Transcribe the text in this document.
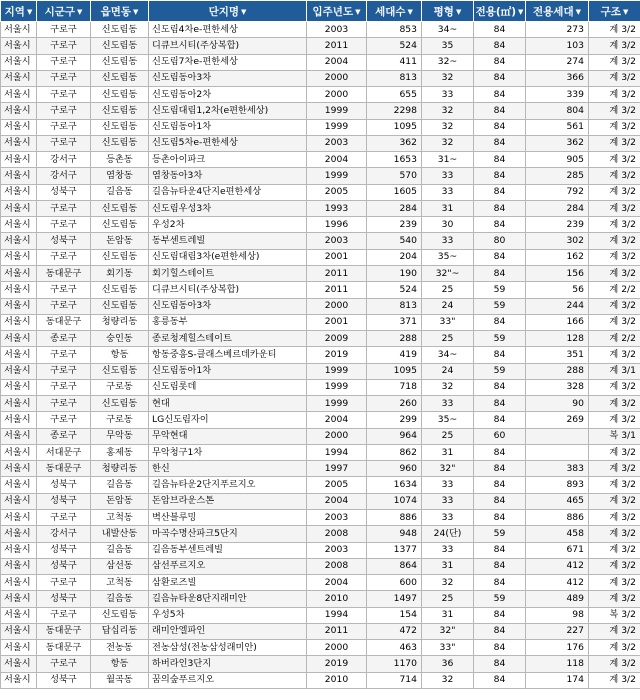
지역 ▼	시군구 ▼	읍면동 ▼	단지명 ▼	입주년도 ▼	세대수 ▼	평형 ▼	전용(㎡) ▼	전용세대 ▼	구조 ▼
서울시	구로구	신도림동	신도림4차e-편한세상	2003	853	34~	84	273	계 3/2
서울시	구로구	신도림동	디큐브시티(주상복합)	2011	524	35	84	103	계 3/2
서울시	구로구	신도림동	신도림7차e-편한세상	2004	411	32~	84	274	계 3/2
서울시	구로구	신도림동	신도림동아3차	2000	813	32	84	366	계 3/2
서울시	구로구	신도림동	신도림동아2차	2000	655	33	84	339	계 3/2
서울시	구로구	신도림동	신도림대림1,2차(e편한세상)	1999	2298	32	84	804	계 3/2
서울시	구로구	신도림동	신도림동아1차	1999	1095	32	84	561	계 3/2
서울시	구로구	신도림동	신도림5차e-편한세상	2003	362	32	84	362	계 3/2
서울시	강서구	등촌동	등촌아이파크	2004	1653	31~	84	905	계 3/2
서울시	강서구	염창동	염창동아3차	1999	570	33	84	285	계 3/2
서울시	성북구	길음동	길음뉴타운4단지e편한세상	2005	1605	33	84	792	계 3/2
서울시	구로구	신도림동	신도림우성3차	1993	284	31	84	284	계 3/2
서울시	구로구	신도림동	우성2차	1996	239	30	84	239	계 3/2
서울시	성북구	돈암동	동부센트레빌	2003	540	33	80	302	계 3/2
서울시	구로구	신도림동	신도림대림3차(e편한세상)	2001	204	35~	84	162	계 3/2
서울시	동대문구	회기동	회기힐스테이트	2011	190	32"~	84	156	계 3/2
서울시	구로구	신도림동	디큐브시티(주상복합)	2011	524	25	59	56	계 2/2
서울시	구로구	신도림동	신도림동아3차	2000	813	24	59	244	계 3/2
서울시	동대문구	청량리동	홍릉동부	2001	371	33"	84	166	계 3/2
서울시	종로구	숭인동	종로청계힐스테이트	2009	288	25	59	128	계 2/2
서울시	구로구	항동	항동중흥S-클래스베르데카운티	2019	419	34~	84	351	계 3/2
서울시	구로구	신도림동	신도림동아1차	1999	1095	24	59	288	계 3/1
서울시	구로구	구로동	신도림롯데	1999	718	32	84	328	계 3/2
서울시	구로구	신도림동	현대	1999	260	33	84	90	계 3/2
서울시	구로구	구로동	LG신도림자이	2004	299	35~	84	269	계 3/2
서울시	종로구	무악동	무악현대	2000	964	25	60		복 3/1
서울시	서대문구	홍제동	무악청구1차	1994	862	31	84		계 3/2
서울시	동대문구	청량리동	한신	1997	960	32"	84	383	계 3/2
서울시	성북구	길음동	길음뉴타운2단지푸르지오	2005	1634	33	84	893	계 3/2
서울시	성북구	돈암동	돈암브라운스톤	2004	1074	33	84	465	계 3/2
서울시	구로구	고척동	벽산블루밍	2003	886	33	84	886	계 3/2
서울시	강서구	내발산동	마곡수명산파크5단지	2008	948	24(단)	59	458	계 3/2
서울시	성북구	길음동	길음동부센트레빌	2003	1377	33	84	671	계 3/2
서울시	성북구	삼선동	삼선푸르지오	2008	864	31	84	412	계 3/2
서울시	구로구	고척동	삼환로즈빌	2004	600	32	84	412	계 3/2
서울시	성북구	길음동	길음뉴타운8단지래미안	2010	1497	25	59	489	계 3/2
서울시	구로구	신도림동	우성5차	1994	154	31	84	98	복 3/2
서울시	동대문구	답십리동	래미안엘파인	2011	472	32"	84	227	계 3/2
서울시	동대문구	전농동	전농삼성(전농삼성래미안)	2000	463	33"	84	176	계 3/2
서울시	구로구	항동	하버라인3단지	2019	1170	36	84	118	계 3/2
서울시	성북구	월곡동	꿈의숲푸르지오	2010	714	32	84	174	계 3/2
